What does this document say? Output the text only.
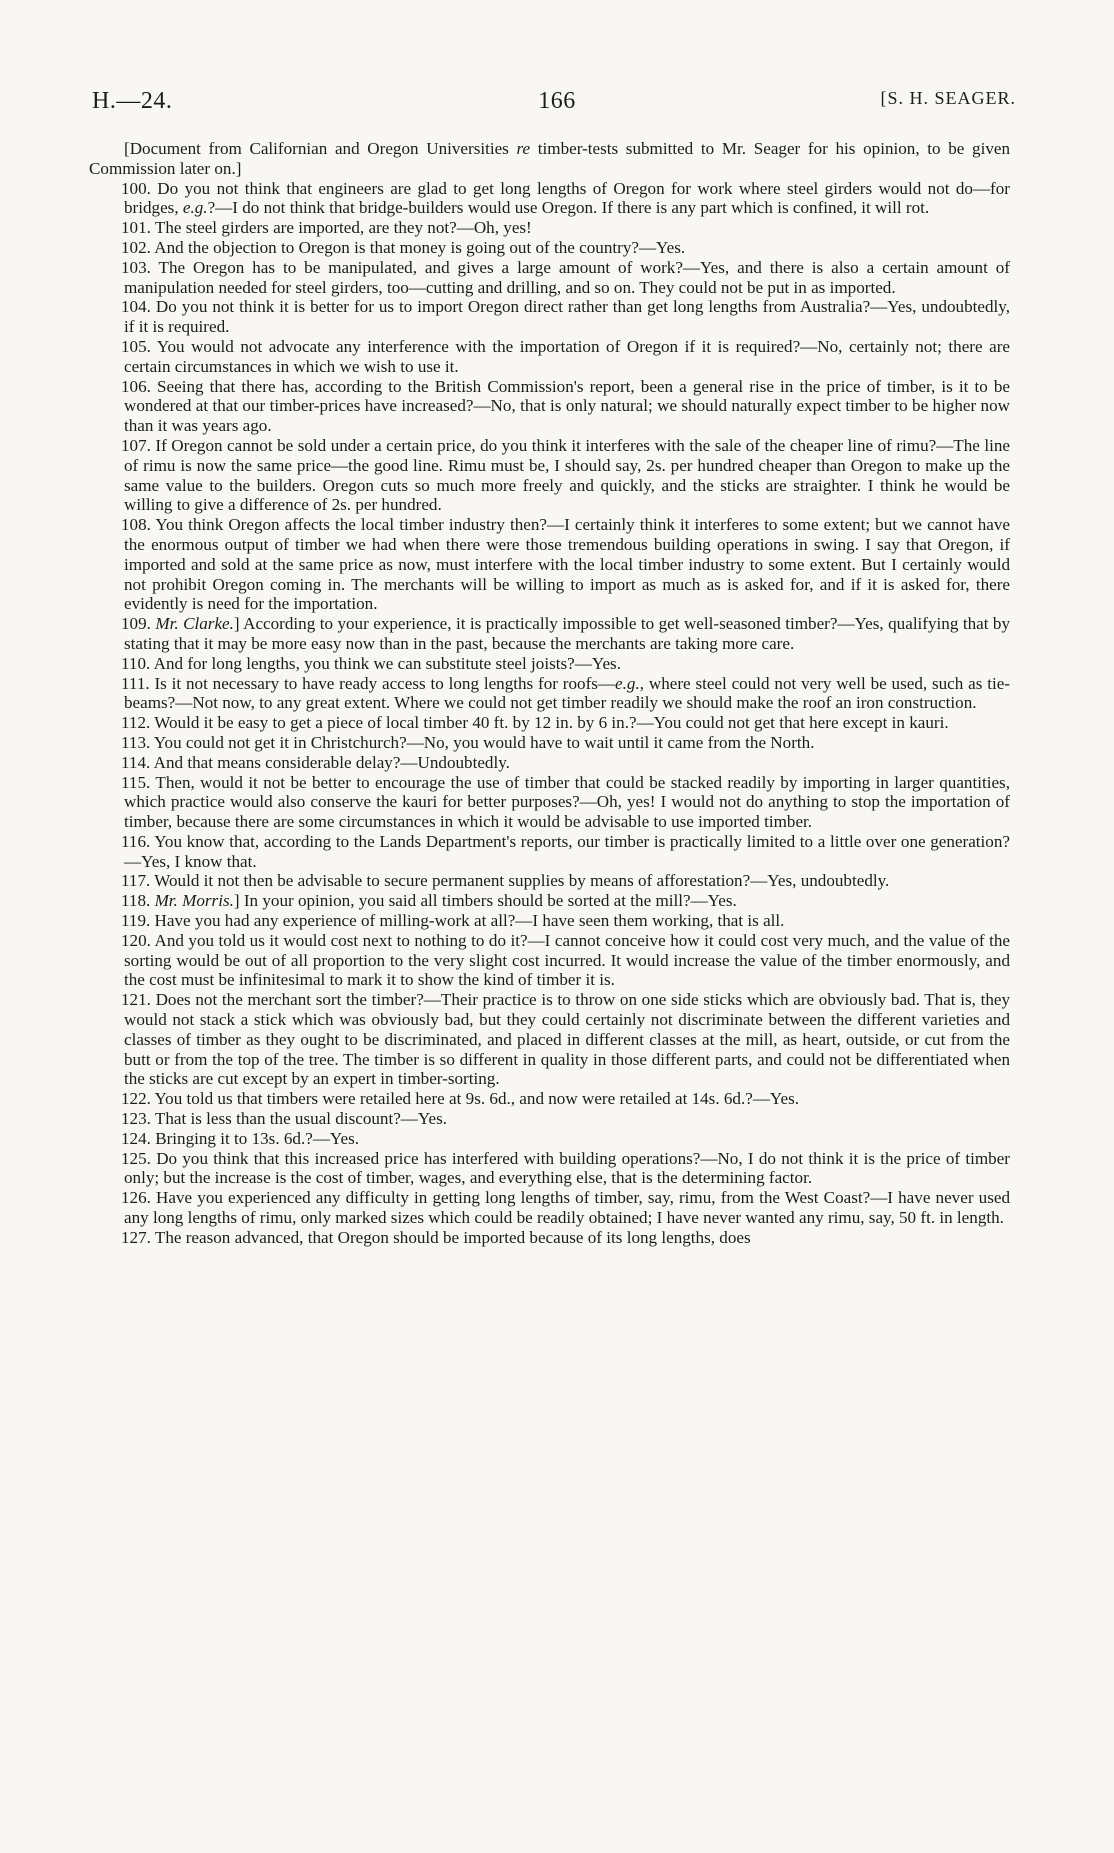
H.—24.	166	[S. H. SEAGER.

[Document from Californian and Oregon Universities re timber-tests submitted to Mr. Seager for his opinion, to be given Commission later on.]

100. Do you not think that engineers are glad to get long lengths of Oregon for work where steel girders would not do—for bridges, e.g.?—I do not think that bridge-builders would use Oregon. If there is any part which is confined, it will rot.

101. The steel girders are imported, are they not?—Oh, yes!

102. And the objection to Oregon is that money is going out of the country?—Yes.

103. The Oregon has to be manipulated, and gives a large amount of work?—Yes, and there is also a certain amount of manipulation needed for steel girders, too—cutting and drilling, and so on. They could not be put in as imported.

104. Do you not think it is better for us to import Oregon direct rather than get long lengths from Australia?—Yes, undoubtedly, if it is required.

105. You would not advocate any interference with the importation of Oregon if it is required?—No, certainly not; there are certain circumstances in which we wish to use it.

106. Seeing that there has, according to the British Commission's report, been a general rise in the price of timber, is it to be wondered at that our timber-prices have increased?—No, that is only natural; we should naturally expect timber to be higher now than it was years ago.

107. If Oregon cannot be sold under a certain price, do you think it interferes with the sale of the cheaper line of rimu?—The line of rimu is now the same price—the good line. Rimu must be, I should say, 2s. per hundred cheaper than Oregon to make up the same value to the builders. Oregon cuts so much more freely and quickly, and the sticks are straighter. I think he would be willing to give a difference of 2s. per hundred.

108. You think Oregon affects the local timber industry then?—I certainly think it interferes to some extent; but we cannot have the enormous output of timber we had when there were those tremendous building operations in swing. I say that Oregon, if imported and sold at the same price as now, must interfere with the local timber industry to some extent. But I certainly would not prohibit Oregon coming in. The merchants will be willing to import as much as is asked for, and if it is asked for, there evidently is need for the importation.

109. Mr. Clarke.] According to your experience, it is practically impossible to get well-seasoned timber?—Yes, qualifying that by stating that it may be more easy now than in the past, because the merchants are taking more care.

110. And for long lengths, you think we can substitute steel joists?—Yes.

111. Is it not necessary to have ready access to long lengths for roofs—e.g., where steel could not very well be used, such as tie-beams?—Not now, to any great extent. Where we could not get timber readily we should make the roof an iron construction.

112. Would it be easy to get a piece of local timber 40 ft. by 12 in. by 6 in.?—You could not get that here except in kauri.

113. You could not get it in Christchurch?—No, you would have to wait until it came from the North.

114. And that means considerable delay?—Undoubtedly.

115. Then, would it not be better to encourage the use of timber that could be stacked readily by importing in larger quantities, which practice would also conserve the kauri for better purposes?—Oh, yes! I would not do anything to stop the importation of timber, because there are some circumstances in which it would be advisable to use imported timber.

116. You know that, according to the Lands Department's reports, our timber is practically limited to a little over one generation?—Yes, I know that.

117. Would it not then be advisable to secure permanent supplies by means of afforestation?—Yes, undoubtedly.

118. Mr. Morris.] In your opinion, you said all timbers should be sorted at the mill?—Yes.

119. Have you had any experience of milling-work at all?—I have seen them working, that is all.

120. And you told us it would cost next to nothing to do it?—I cannot conceive how it could cost very much, and the value of the sorting would be out of all proportion to the very slight cost incurred. It would increase the value of the timber enormously, and the cost must be infinitesimal to mark it to show the kind of timber it is.

121. Does not the merchant sort the timber?—Their practice is to throw on one side sticks which are obviously bad. That is, they would not stack a stick which was obviously bad, but they could certainly not discriminate between the different varieties and classes of timber as they ought to be discriminated, and placed in different classes at the mill, as heart, outside, or cut from the butt or from the top of the tree. The timber is so different in quality in those different parts, and could not be differentiated when the sticks are cut except by an expert in timber-sorting.

122. You told us that timbers were retailed here at 9s. 6d., and now were retailed at 14s. 6d.?—Yes.

123. That is less than the usual discount?—Yes.

124. Bringing it to 13s. 6d.?—Yes.

125. Do you think that this increased price has interfered with building operations?—No, I do not think it is the price of timber only; but the increase is the cost of timber, wages, and everything else, that is the determining factor.

126. Have you experienced any difficulty in getting long lengths of timber, say, rimu, from the West Coast?—I have never used any long lengths of rimu, only marked sizes which could be readily obtained; I have never wanted any rimu, say, 50 ft. in length.

127. The reason advanced, that Oregon should be imported because of its long lengths, does
